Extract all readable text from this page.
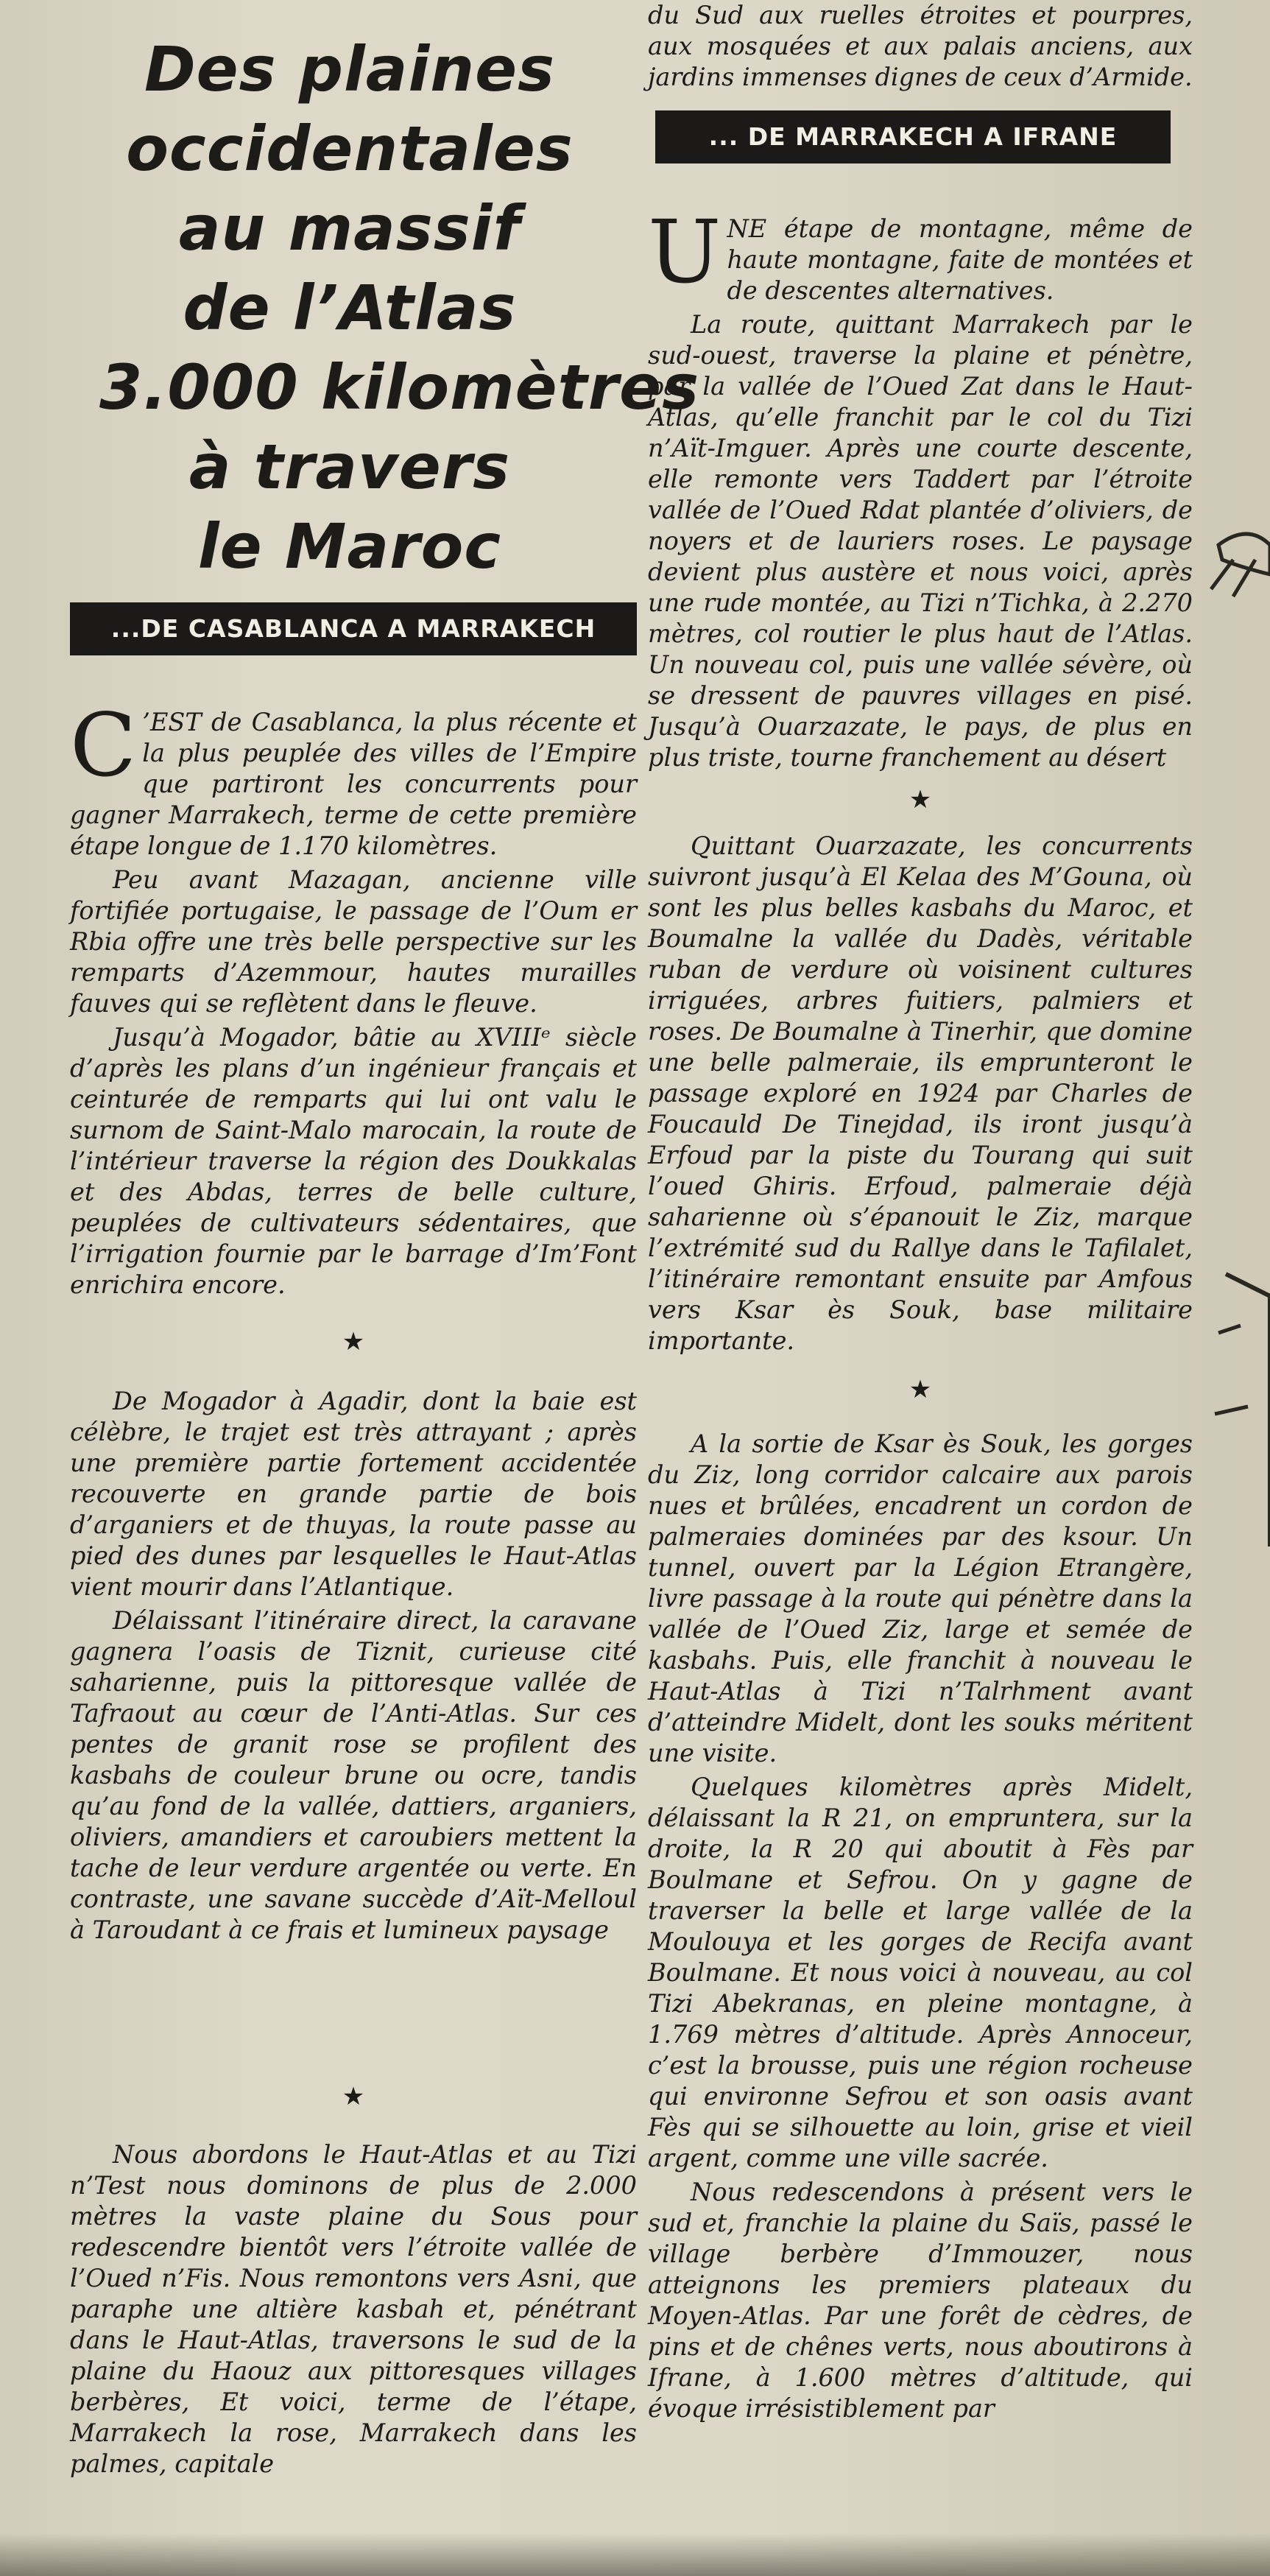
Des plaines
occidentales
au massif
de l’Atlas
3.000 kilomètres
à travers
le Maroc
...DE CASABLANCA A MARRAKECH

C ’EST de Casablanca, la plus récente et la plus peuplée des villes de l’Empire que partiront les concurrents pour gagner Marrakech, terme de cette première étape longue de 1.170 kilomètres.

Peu avant Mazagan, ancienne ville fortifiée portugaise, le passage de l’Oum er Rbia offre une très belle perspective sur les remparts d’Azemmour, hautes murailles fauves qui se reflètent dans le fleuve.

Jusqu’à Mogador, bâtie au XVIIIᵉ siècle d’après les plans d’un ingénieur français et ceinturée de remparts qui lui ont valu le surnom de Saint-Malo marocain, la route de l’intérieur traverse la région des Doukkalas et des Abdas, terres de belle culture, peuplées de cultivateurs sédentaires, que l’irrigation fournie par le barrage d’Im’Font enrichira encore.

★

De Mogador à Agadir, dont la baie est célèbre, le trajet est très attrayant ; après une première partie fortement accidentée recouverte en grande partie de bois d’arganiers et de thuyas, la route passe au pied des dunes par lesquelles le Haut-Atlas vient mourir dans l’Atlantique.

Délaissant l’itinéraire direct, la caravane gagnera l’oasis de Tiznit, curieuse cité saharienne, puis la pittoresque vallée de Tafraout au cœur de l’Anti-Atlas. Sur ces pentes de granit rose se profilent des kasbahs de couleur brune ou ocre, tandis qu’au fond de la vallée, dattiers, arganiers, oliviers, amandiers et caroubiers mettent la tache de leur verdure argentée ou verte. En contraste, une savane succède d’Aït-Melloul à Taroudant à ce frais et lumineux paysage

★

Nous abordons le Haut-Atlas et au Tizi n’Test nous dominons de plus de 2.000 mètres la vaste plaine du Sous pour redescendre bientôt vers l’étroite vallée de l’Oued n’Fis. Nous remontons vers Asni, que paraphe une altière kasbah et, pénétrant dans le Haut-Atlas, traversons le sud de la plaine du Haouz aux pittoresques villages berbères, Et voici, terme de l’étape, Marrakech la rose, Marrakech dans les palmes, capitale

du Sud aux ruelles étroites et pourpres, aux mosquées et aux palais anciens, aux jardins immenses dignes de ceux d’Armide.

... DE MARRAKECH A IFRANE

UNE étape de montagne, même de haute montagne, faite de montées et de descentes alternatives.

La route, quittant Marrakech par le sud-ouest, traverse la plaine et pénètre, par la vallée de l’Oued Zat dans le Haut-Atlas, qu’elle franchit par le col du Tizi n’Aït-Imguer. Après une courte descente, elle remonte vers Taddert par l’étroite vallée de l’Oued Rdat plantée d’oliviers, de noyers et de lauriers roses. Le paysage devient plus austère et nous voici, après une rude montée, au Tizi n’Tichka, à 2.270 mètres, col routier le plus haut de l’Atlas. Un nouveau col, puis une vallée sévère, où se dressent de pauvres villages en pisé. Jusqu’à Ouarzazate, le pays, de plus en plus triste, tourne franchement au désert

★

Quittant Ouarzazate, les concurrents suivront jusqu’à El Kelaa des M’Gouna, où sont les plus belles kasbahs du Maroc, et Boumalne la vallée du Dadès, véritable ruban de verdure où voisinent cultures irriguées, arbres fuitiers, palmiers et roses. De Boumalne à Tinerhir, que domine une belle palmeraie, ils emprunteront le passage exploré en 1924 par Charles de Foucauld De Tinejdad, ils iront jusqu’à Erfoud par la piste du Tourang qui suit l’oued Ghiris. Erfoud, palmeraie déjà saharienne où s’épanouit le Ziz, marque l’extrémité sud du Rallye dans le Tafilalet, l’itinéraire remontant ensuite par Amfous vers Ksar ès Souk, base militaire importante.

★

A la sortie de Ksar ès Souk, les gorges du Ziz, long corridor calcaire aux parois nues et brûlées, encadrent un cordon de palmeraies dominées par des ksour. Un tunnel, ouvert par la Légion Etrangère, livre passage à la route qui pénètre dans la vallée de l’Oued Ziz, large et semée de kasbahs. Puis, elle franchit à nouveau le Haut-Atlas à Tizi n’Talrhment avant d’atteindre Midelt, dont les souks méritent une visite.

Quelques kilomètres après Midelt, délaissant la R 21, on empruntera, sur la droite, la R 20 qui aboutit à Fès par Boulmane et Sefrou. On y gagne de traverser la belle et large vallée de la Moulouya et les gorges de Recifa avant Boulmane. Et nous voici à nouveau, au col Tizi Abekranas, en pleine montagne, à 1.769 mètres d’altitude. Après Annoceur, c’est la brousse, puis une région rocheuse qui environne Sefrou et son oasis avant Fès qui se silhouette au loin, grise et vieil argent, comme une ville sacrée.

Nous redescendons à présent vers le sud et, franchie la plaine du Saïs, passé le village berbère d’Immouzer, nous atteignons les premiers plateaux du Moyen-Atlas. Par une forêt de cèdres, de pins et de chênes verts, nous aboutirons à Ifrane, à 1.600 mètres d’altitude, qui évoque irrésistiblement par
